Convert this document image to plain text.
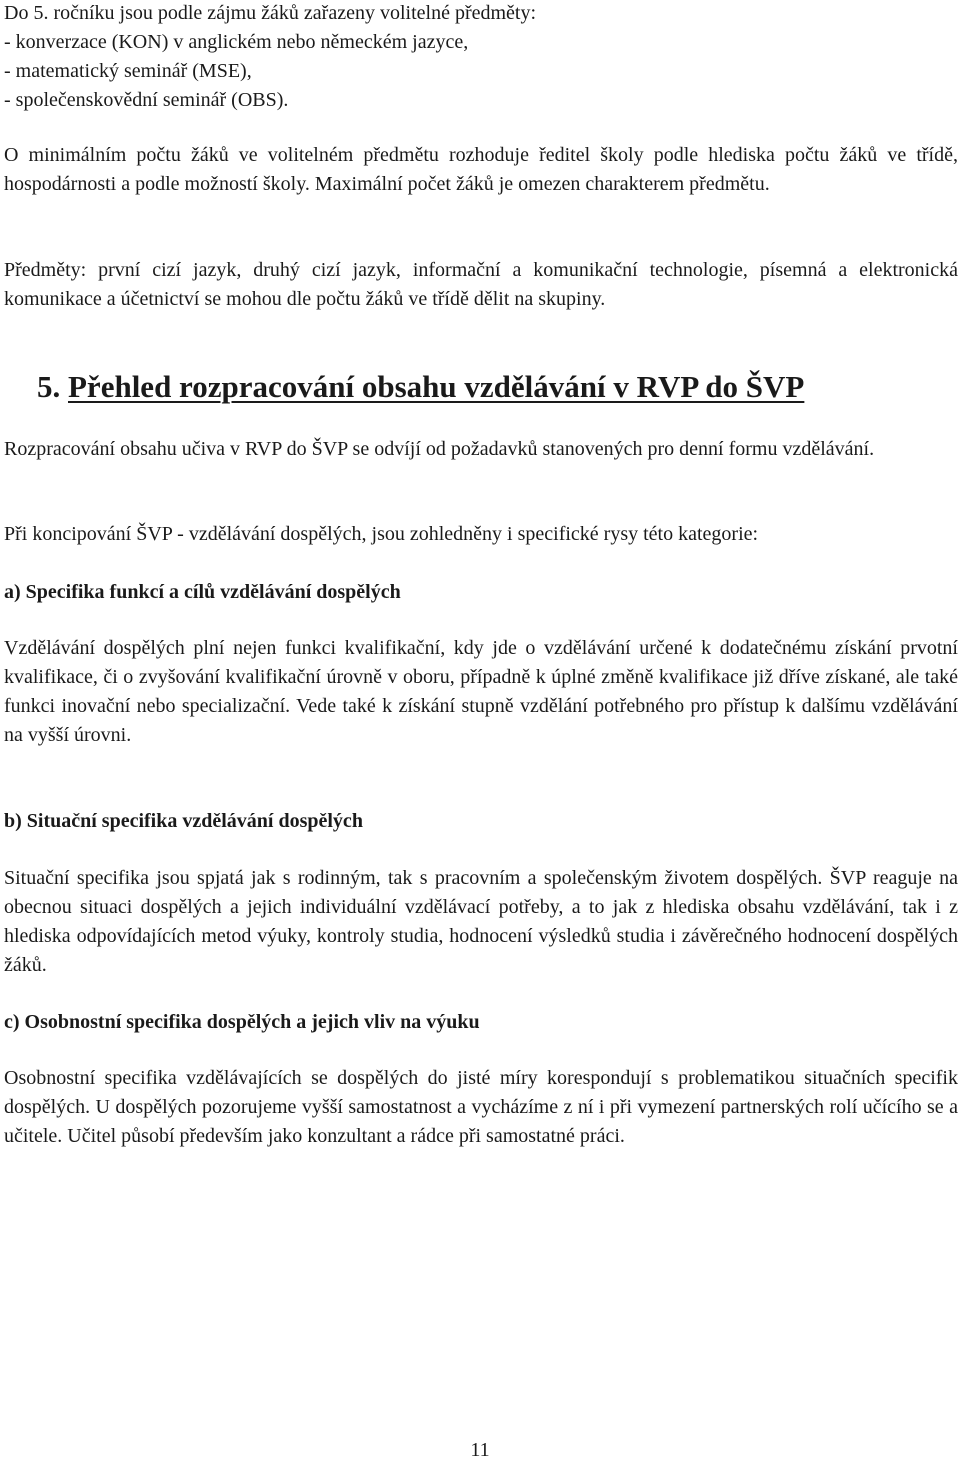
Do 5. ročníku jsou podle zájmu žáků zařazeny volitelné předměty:

- konverzace (KON) v anglickém nebo německém jazyce,

- matematický seminář (MSE),

- společenskovědní seminář (OBS).

O minimálním počtu žáků ve volitelném předmětu rozhoduje ředitel školy podle hlediska počtu žáků ve třídě, hospodárnosti a podle možností školy. Maximální počet žáků je omezen charakterem předmětu.

Předměty: první cizí jazyk, druhý cizí jazyk, informační a komunikační technologie, písemná a elektronická komunikace a účetnictví se mohou dle počtu žáků ve třídě dělit na skupiny.

5. Přehled rozpracování obsahu vzdělávání v RVP do ŠVP

Rozpracování obsahu učiva v RVP do ŠVP se odvíjí od požadavků stanovených pro denní formu vzdělávání.

Při koncipování ŠVP - vzdělávání dospělých, jsou zohledněny i specifické rysy této kategorie:

a) Specifika funkcí a cílů vzdělávání dospělých

Vzdělávání dospělých plní nejen funkci kvalifikační, kdy jde o vzdělávání určené k dodatečnému získání prvotní kvalifikace, či o zvyšování kvalifikační úrovně v oboru, případně k úplné změně kvalifikace již dříve získané, ale také funkci inovační nebo specializační. Vede také k získání stupně vzdělání potřebného pro přístup k dalšímu vzdělávání na vyšší úrovni.

b) Situační specifika vzdělávání dospělých

Situační specifika jsou spjatá jak s rodinným, tak s pracovním a společenským životem dospělých. ŠVP reaguje na obecnou situaci dospělých a jejich individuální vzdělávací potřeby, a to jak z hlediska obsahu vzdělávání, tak i z hlediska odpovídajících metod výuky, kontroly studia, hodnocení výsledků studia i závěrečného hodnocení dospělých žáků.

c) Osobnostní specifika dospělých a jejich vliv na výuku

Osobnostní specifika vzdělávajících se dospělých do jisté míry korespondují s problematikou situačních specifik dospělých. U dospělých pozorujeme vyšší samostatnost a vycházíme z ní i při vymezení partnerských rolí učícího se a učitele. Učitel působí především jako konzultant a rádce při samostatné práci.

11
